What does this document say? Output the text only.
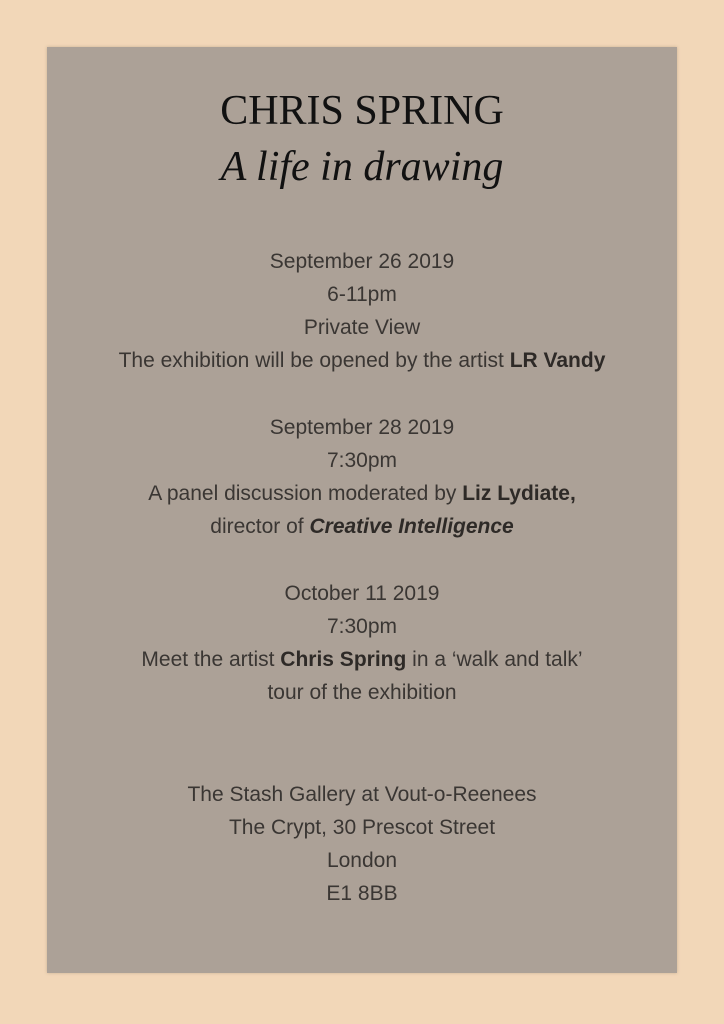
CHRIS SPRING
A life in drawing
September 26 2019
6-11pm
Private View
The exhibition will be opened by the artist LR Vandy
September 28 2019
7:30pm
A panel discussion moderated by Liz Lydiate,
director of Creative Intelligence
October 11 2019
7:30pm
Meet the artist Chris Spring in a ‘walk and talk’
tour of the exhibition
The Stash Gallery at Vout-o-Reenees
The Crypt, 30 Prescot Street
London
E1 8BB
